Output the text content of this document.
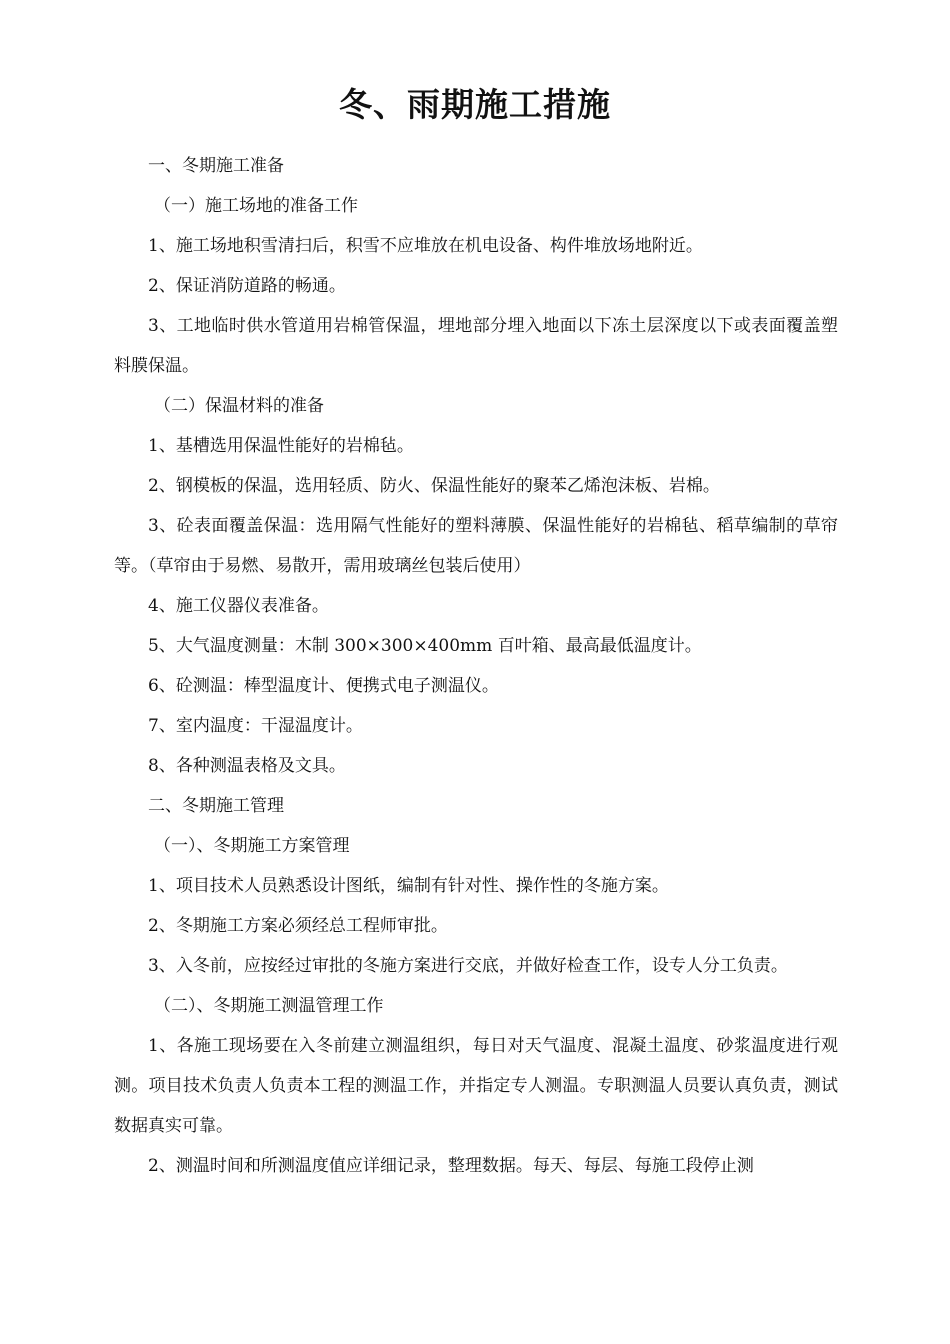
冬、雨期施工措施

一、冬期施工准备

（一）施工场地的准备工作

1、施工场地积雪清扫后，积雪不应堆放在机电设备、构件堆放场地附近。

2、保证消防道路的畅通。

3、工地临时供水管道用岩棉管保温，埋地部分埋入地面以下冻土层深度以下或表面覆盖塑料膜保温。

（二）保温材料的准备

1、基槽选用保温性能好的岩棉毡。

2、钢模板的保温，选用轻质、防火、保温性能好的聚苯乙烯泡沫板、岩棉。

3、砼表面覆盖保温：选用隔气性能好的塑料薄膜、保温性能好的岩棉毡、稻草编制的草帘等。（草帘由于易燃、易散开，需用玻璃丝包装后使用）

4、施工仪器仪表准备。

5、大气温度测量：木制 300×300×400mm 百叶箱、最高最低温度计。

6、砼测温：棒型温度计、便携式电子测温仪。

7、室内温度：干湿温度计。

8、各种测温表格及文具。

二、冬期施工管理

（一）、冬期施工方案管理

1、项目技术人员熟悉设计图纸，编制有针对性、操作性的冬施方案。

2、冬期施工方案必须经总工程师审批。

3、入冬前，应按经过审批的冬施方案进行交底，并做好检查工作，设专人分工负责。

（二）、冬期施工测温管理工作

1、各施工现场要在入冬前建立测温组织，每日对天气温度、混凝土温度、砂浆温度进行观测。项目技术负责人负责本工程的测温工作，并指定专人测温。专职测温人员要认真负责，测试数据真实可靠。

2、测温时间和所测温度值应详细记录，整理数据。每天、每层、每施工段停止测
